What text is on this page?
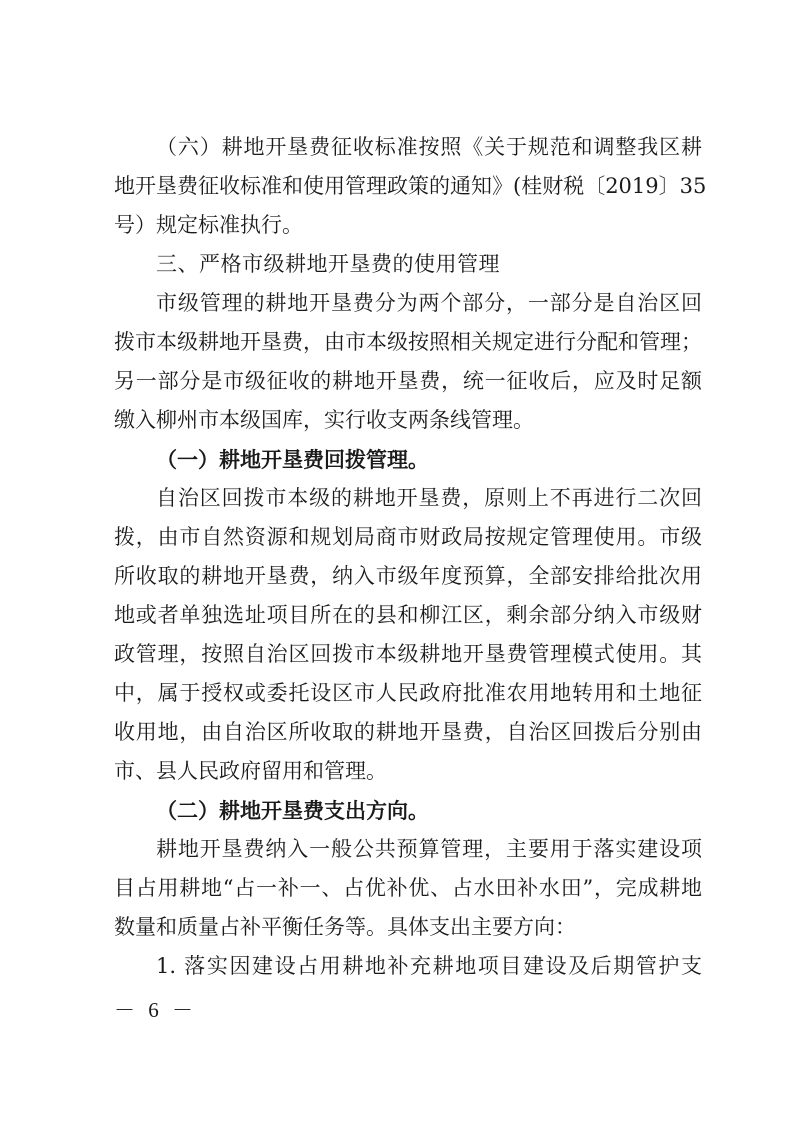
（六）耕地开垦费征收标准按照《关于规范和调整我区耕
地开垦费征收标准和使用管理政策的通知》(桂财税〔2019〕35
号）规定标准执行。
三、严格市级耕地开垦费的使用管理
市级管理的耕地开垦费分为两个部分，一部分是自治区回
拨市本级耕地开垦费，由市本级按照相关规定进行分配和管理；
另一部分是市级征收的耕地开垦费，统一征收后，应及时足额
缴入柳州市本级国库，实行收支两条线管理。
（一）耕地开垦费回拨管理。
自治区回拨市本级的耕地开垦费，原则上不再进行二次回
拨，由市自然资源和规划局商市财政局按规定管理使用。市级
所收取的耕地开垦费，纳入市级年度预算，全部安排给批次用
地或者单独选址项目所在的县和柳江区，剩余部分纳入市级财
政管理，按照自治区回拨市本级耕地开垦费管理模式使用。其
中，属于授权或委托设区市人民政府批准农用地转用和土地征
收用地，由自治区所收取的耕地开垦费，自治区回拨后分别由
市、县人民政府留用和管理。
（二）耕地开垦费支出方向。
耕地开垦费纳入一般公共预算管理，主要用于落实建设项
目占用耕地“占一补一、占优补优、占水田补水田”，完成耕地
数量和质量占补平衡任务等。具体支出主要方向：
1. 落实因建设占用耕地补充耕地项目建设及后期管护支
－ 6 －
